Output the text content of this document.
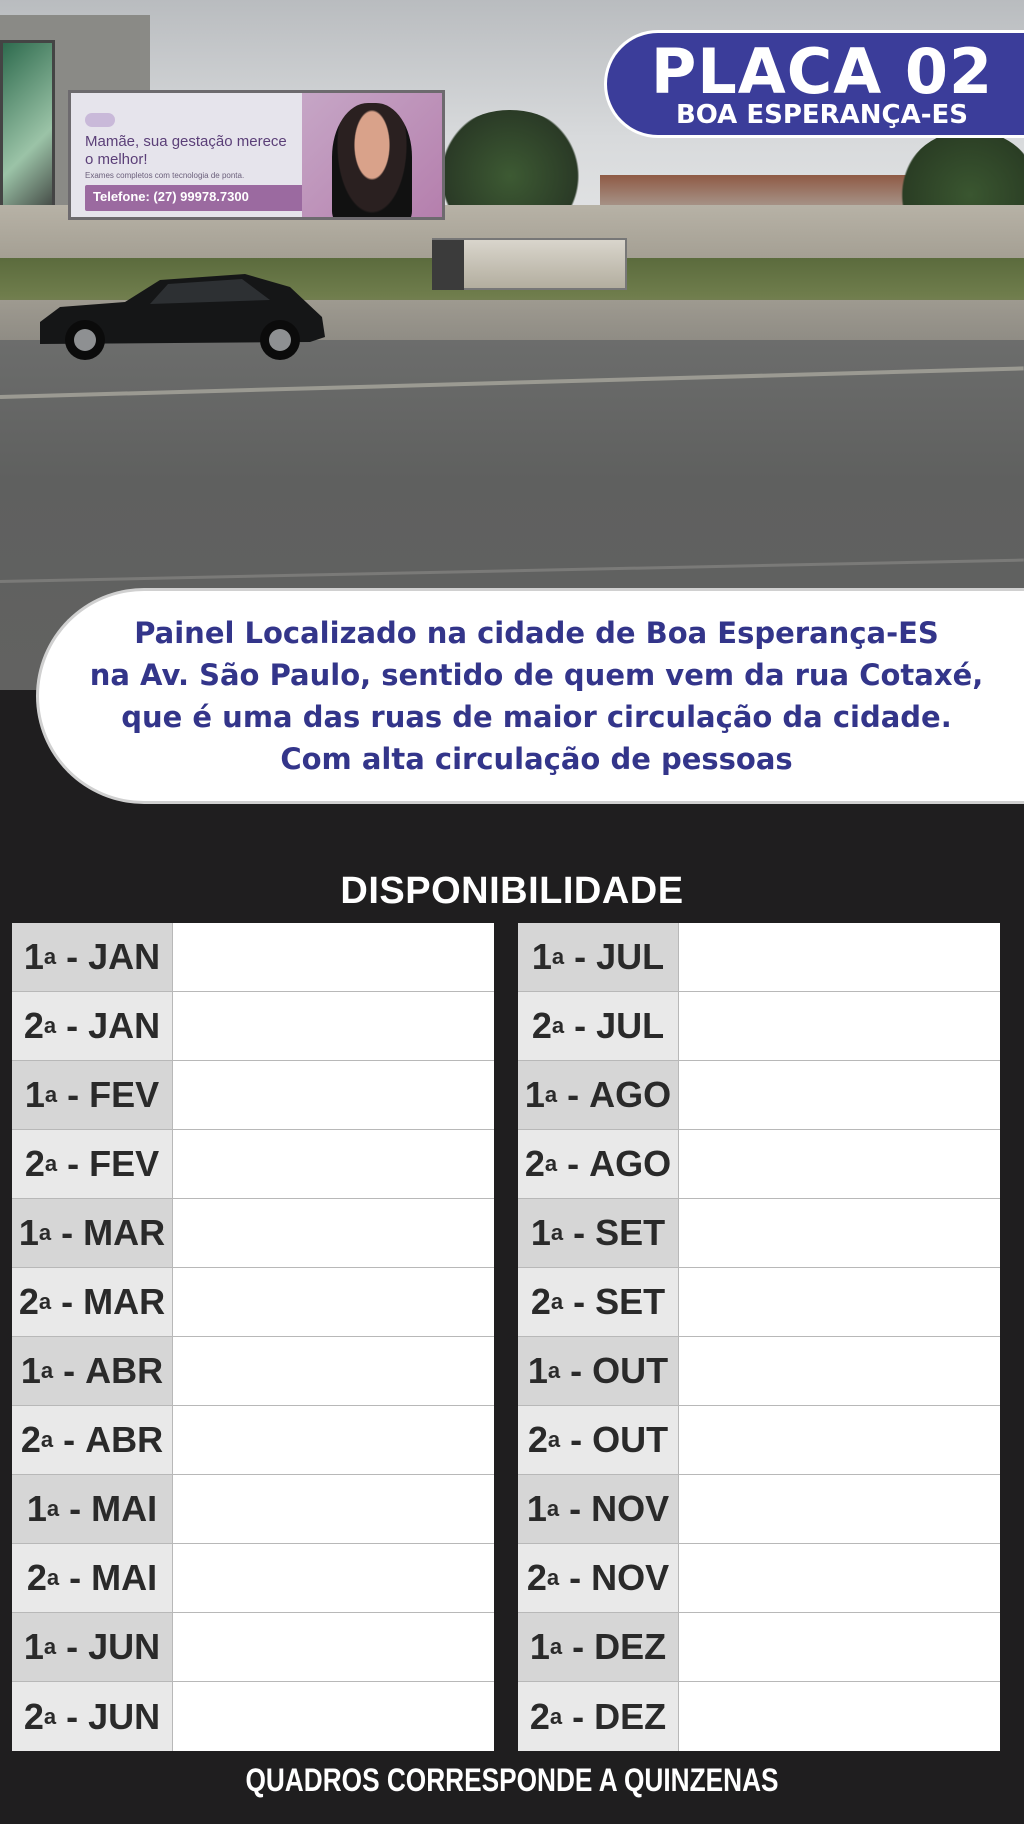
Mamãe, sua gestação merece o melhor!
Exames completos com tecnologia de ponta.
Telefone: (27) 99978.7300
PLACA 02
BOA ESPERANÇA-ES
Painel Localizado na cidade de Boa Esperança-ES
na Av. São Paulo, sentido de quem vem da rua Cotaxé,
que é uma das ruas de maior circulação da cidade.
Com alta circulação de pessoas
DISPONIBILIDADE
1 a - JAN
2 a - JAN
1 a - FEV
2 a - FEV
1 a - MAR
2 a - MAR
1 a - ABR
2 a - ABR
1 a - MAI
2 a - MAI
1 a - JUN
2 a - JUN
1 a - JUL
2 a - JUL
1 a - AGO
2 a - AGO
1 a - SET
2 a - SET
1 a - OUT
2 a - OUT
1 a - NOV
2 a - NOV
1 a - DEZ
2 a - DEZ
QUADROS CORRESPONDE A QUINZENAS
